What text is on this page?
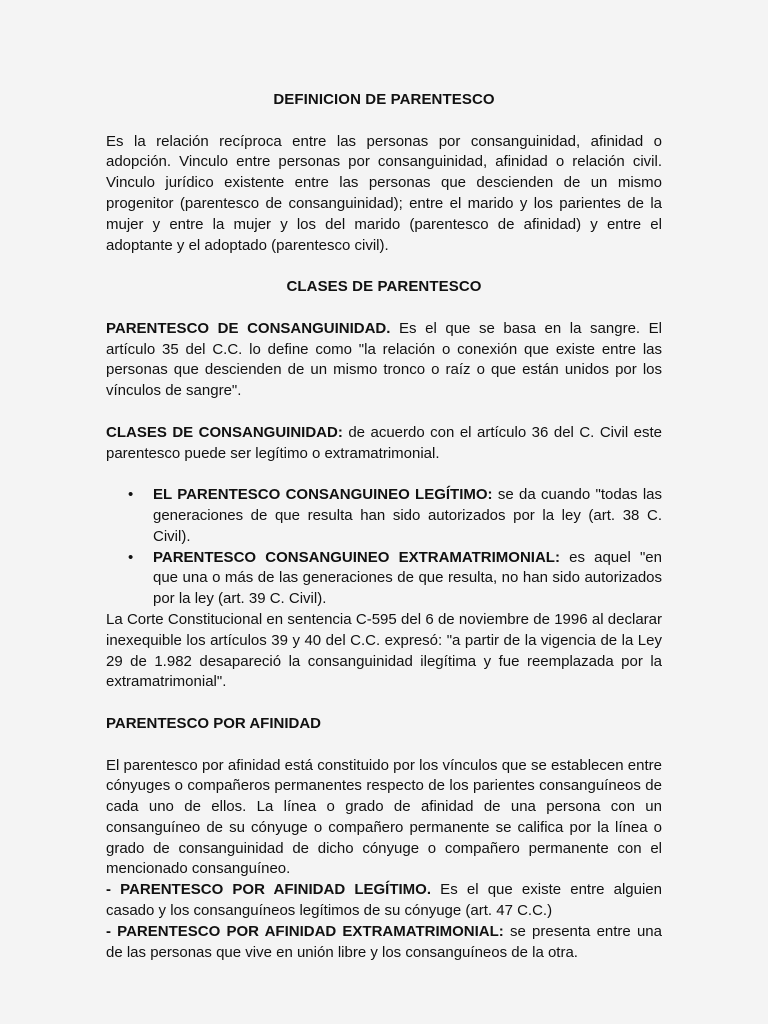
DEFINICION DE PARENTESCO

Es la relación recíproca entre las personas por consanguinidad, afinidad o adopción. Vinculo entre personas por consanguinidad, afinidad o relación civil. Vinculo jurídico existente entre las personas que descienden de un mismo progenitor (parentesco de consanguinidad); entre el marido y los parientes de la mujer y entre la mujer y los del marido (parentesco de afinidad) y entre el adoptante y el adoptado (parentesco civil).

CLASES DE PARENTESCO

PARENTESCO DE CONSANGUINIDAD. Es el que se basa en la sangre. El artículo 35 del C.C. lo define como "la relación o conexión que existe entre las personas que descienden de un mismo tronco o raíz o que están unidos por los vínculos de sangre".

CLASES DE CONSANGUINIDAD: de acuerdo con el artículo 36 del C. Civil este parentesco puede ser legítimo o extramatrimonial.

• EL PARENTESCO CONSANGUINEO LEGÍTIMO: se da cuando "todas las generaciones de que resulta han sido autorizados por la ley (art. 38 C. Civil).
• PARENTESCO CONSANGUINEO EXTRAMATRIMONIAL: es aquel "en que una o más de las generaciones de que resulta, no han sido autorizados por la ley (art. 39 C. Civil).

La Corte Constitucional en sentencia C-595 del 6 de noviembre de 1996 al declarar inexequible los artículos 39 y 40 del C.C. expresó: "a partir de la vigencia de la Ley 29 de 1.982 desapareció la consanguinidad ilegítima y fue reemplazada por la extramatrimonial".

PARENTESCO POR AFINIDAD

El parentesco por afinidad está constituido por los vínculos que se establecen entre cónyuges o compañeros permanentes respecto de los parientes consanguíneos de cada uno de ellos. La línea o grado de afinidad de una persona con un consanguíneo de su cónyuge o compañero permanente se califica por la línea o grado de consanguinidad de dicho cónyuge o compañero permanente con el mencionado consanguíneo.

- PARENTESCO POR AFINIDAD LEGÍTIMO. Es el que existe entre alguien casado y los consanguíneos legítimos de su cónyuge (art. 47 C.C.)

- PARENTESCO POR AFINIDAD EXTRAMATRIMONIAL: se presenta entre una de las personas que vive en unión libre y los consanguíneos de la otra.
